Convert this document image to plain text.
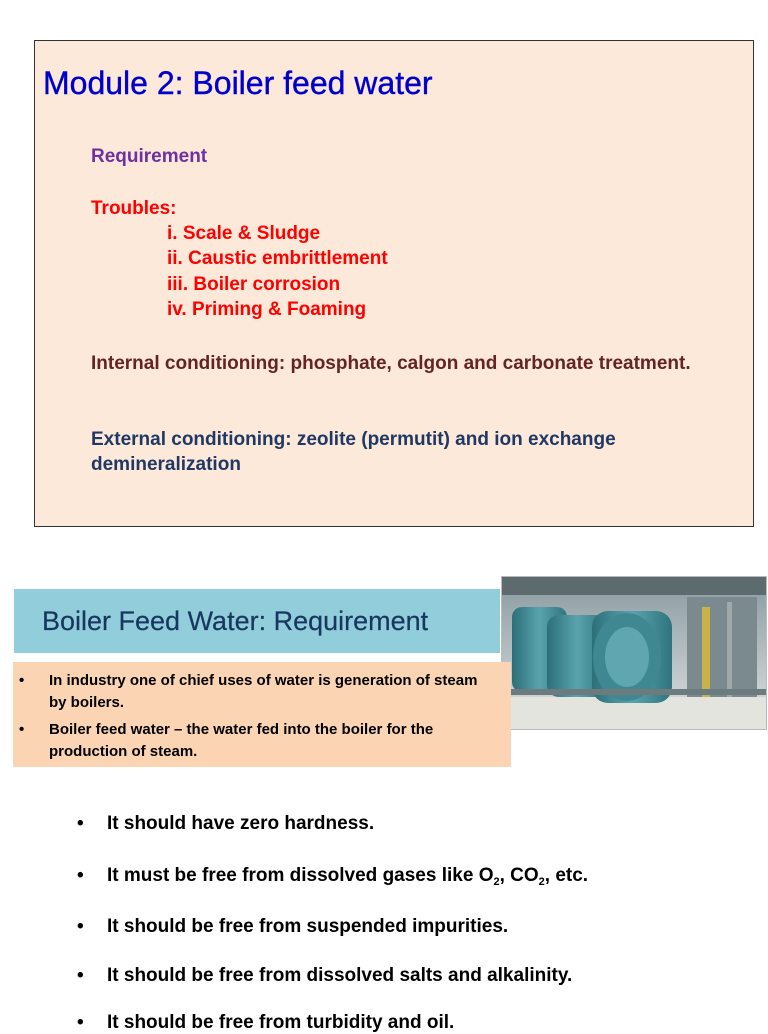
Module 2: Boiler feed water
Requirement
Troubles:
i. Scale & Sludge
ii. Caustic embrittlement
iii. Boiler corrosion
iv. Priming & Foaming
Internal conditioning: phosphate, calgon and carbonate treatment.
External conditioning: zeolite (permutit) and ion exchange demineralization
Boiler Feed Water: Requirement
• In industry one of chief uses of water is generation of steam by boilers.
• Boiler feed water – the water fed into the boiler for the production of steam.
• It should have zero hardness.
• It must be free from dissolved gases like $O_2$, $CO_2$, etc.
• It should be free from suspended impurities.
• It should be free from dissolved salts and alkalinity.
• It should be free from turbidity and oil.
